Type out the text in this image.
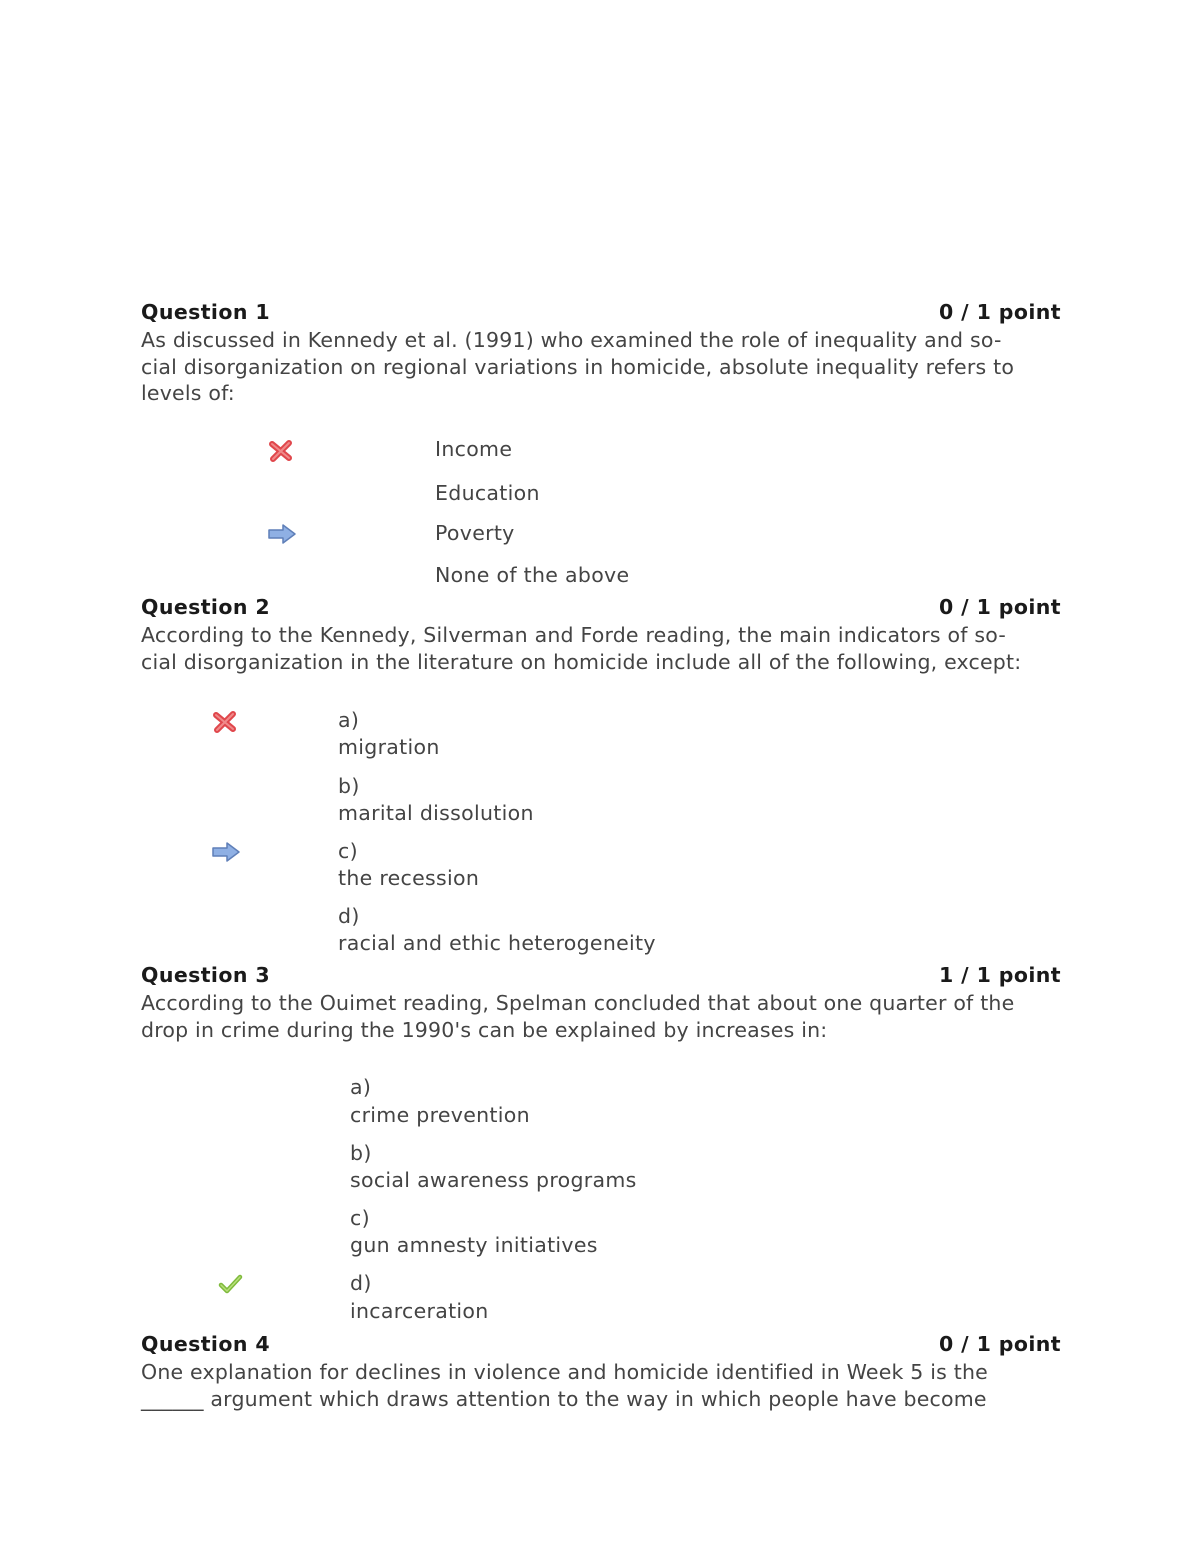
Question 1	0 / 1 point
As discussed in Kennedy et al. (1991) who examined the role of inequality and so-
cial disorganization on regional variations in homicide, absolute inequality refers to
levels of:
Income
Education
Poverty
None of the above
Question 2	0 / 1 point
According to the Kennedy, Silverman and Forde reading, the main indicators of so-
cial disorganization in the literature on homicide include all of the following, except:
a)
migration
b)
marital dissolution
c)
the recession
d)
racial and ethic heterogeneity
Question 3	1 / 1 point
According to the Ouimet reading, Spelman concluded that about one quarter of the
drop in crime during the 1990's can be explained by increases in:
a)
crime prevention
b)
social awareness programs
c)
gun amnesty initiatives
d)
incarceration
Question 4	0 / 1 point
One explanation for declines in violence and homicide identified in Week 5 is the
______ argument which draws attention to the way in which people have become
